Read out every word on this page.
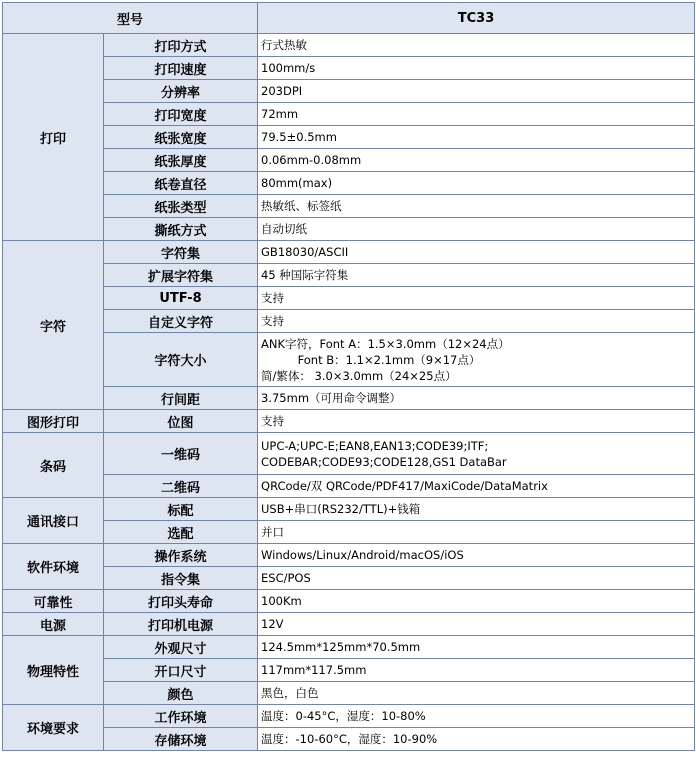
型号		TC33
打印	打印方式	行式热敏
	打印速度	100mm/s
	分辨率	203DPI
	打印宽度	72mm
	纸张宽度	79.5±0.5mm
	纸张厚度	0.06mm-0.08mm
	纸卷直径	80mm(max)
	纸张类型	热敏纸、标签纸
	撕纸方式	自动切纸
字符	字符集	GB18030/ASCII
	扩展字符集	45 种国际字符集
	UTF-8	支持
	自定义字符	支持
	字符大小	ANK字符，Font A：1.5×3.0mm（12×24点）
Font B：1.1×2.1mm（9×17点）
简/繁体： 3.0×3.0mm（24×25点）

	行间距	3.75mm（可用命令调整）
图形打印	位图	支持
条码	一维码	UPC-A;UPC-E;EAN8,EAN13;CODE39;ITF;
CODEBAR;CODE93;CODE128,GS1 DataBar

	二维码	QRCode/双 QRCode/PDF417/MaxiCode/DataMatrix
通讯接口	标配	USB+串口(RS232/TTL)+钱箱
	选配	并口
软件环境	操作系统	Windows/Linux/Android/macOS/iOS
	指令集	ESC/POS
可靠性	打印头寿命	100Km
电源	打印机电源	12V
物理特性	外观尺寸	124.5mm*125mm*70.5mm
	开口尺寸	117mm*117.5mm
	颜色	黑色，白色
环境要求	工作环境	温度：0-45°C，湿度：10-80%
	存储环境	温度：-10-60°C，湿度：10-90%
